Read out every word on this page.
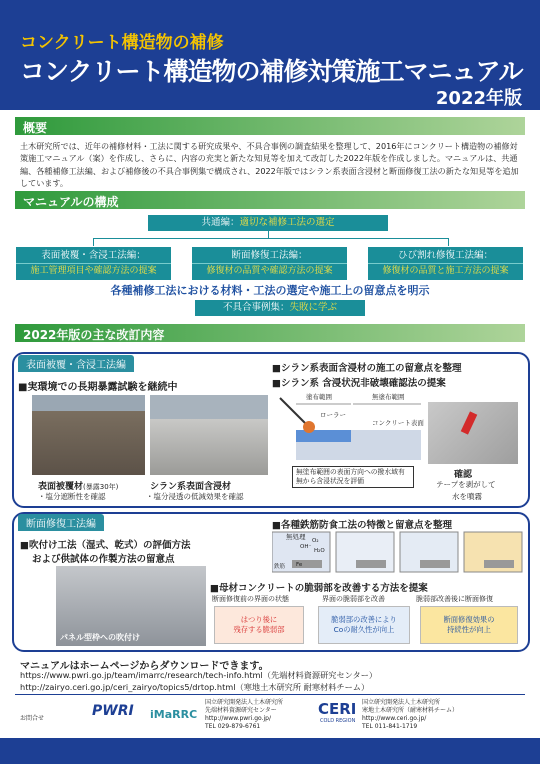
コンクリート構造物の補修
コンクリート構造物の補修対策施工マニュアル
2022年版
概要
土木研究所では、近年の補修材料・工法に関する研究成果や、不具合事例の調査結果を整理して、2016年にコンクリート構造物の補修対策施工マニュアル（案）を作成し、さらに、内容の充実と新たな知見等を加えて改訂した2022年版を作成しました。マニュアルは、共通編、各種補修工法編、および補修後の不具合事例集で構成され、2022年版ではシラン系表面含浸材と断面修復工法の新たな知見等を追加しています。
マニュアルの構成
共通編：適切な補修工法の選定
表面被覆・含浸工法編：
施工管理項目や確認方法の提案
断面修復工法編：
修復材の品質や確認方法の提案
ひび割れ修復工法編：
修復材の品質と施工方法の提案
各種補修工法における材料・工法の選定や施工上の留意点を明示
不具合事例集：失敗に学ぶ
2022年版の主な改訂内容
表面被覆・含浸工法編
■実環境での長期暴露試験を継続中
表面被覆材(暴露30年)
・塩分遮断性を確認
シラン系表面含浸材
・塩分浸透の低減効果を確認
■シラン系表面含浸材の施工の留意点を整理
■シラン系 含浸状況非破壊確認法の提案
塗布範囲	無塗布範囲
ローラー
コンクリート表面
無塗布範囲の表面方向への撥水域有無から含浸状況を評価
確認
テープを剥がして
水を噴霧
断面修復工法編
■吹付け工法（湿式、乾式）の評価方法
および供試体の作製方法の留意点
パネル型枠への吹付け
■各種鉄筋防食工法の特徴と留意点を整理
無処理
鉄筋 Fe
OH⁻
O₂
H₂O
■母材コンクリートの脆弱部を改善する方法を提案
断面修復前の界面の状態	界面の脆弱部を改善	脆弱部改善後に断面修復
はつり後に
残存する脆弱部
脆弱部の改善により
Coの耐久性が向上
断面修復効果の
持続性が向上
マニュアルはホームページからダウンロードできます。
https://www.pwri.go.jp/team/imarrc/research/tech-info.html（先端材料資源研究センター）
http://zairyo.ceri.go.jp/ceri_zairyo/topics5/drtop.html（寒地土木研究所 耐寒材料チーム）
お問合せ	PWRI iMaRRC
国立研究開発法人土木研究所
先端材料資源研究センター
http://www.pwri.go.jp/
TEL 029-879-6761
CERI
COLD REGION
国立研究開発法人土木研究所
寒地土木研究所（耐寒材料チーム）
http://www.ceri.go.jp/
TEL 011-841-1719
